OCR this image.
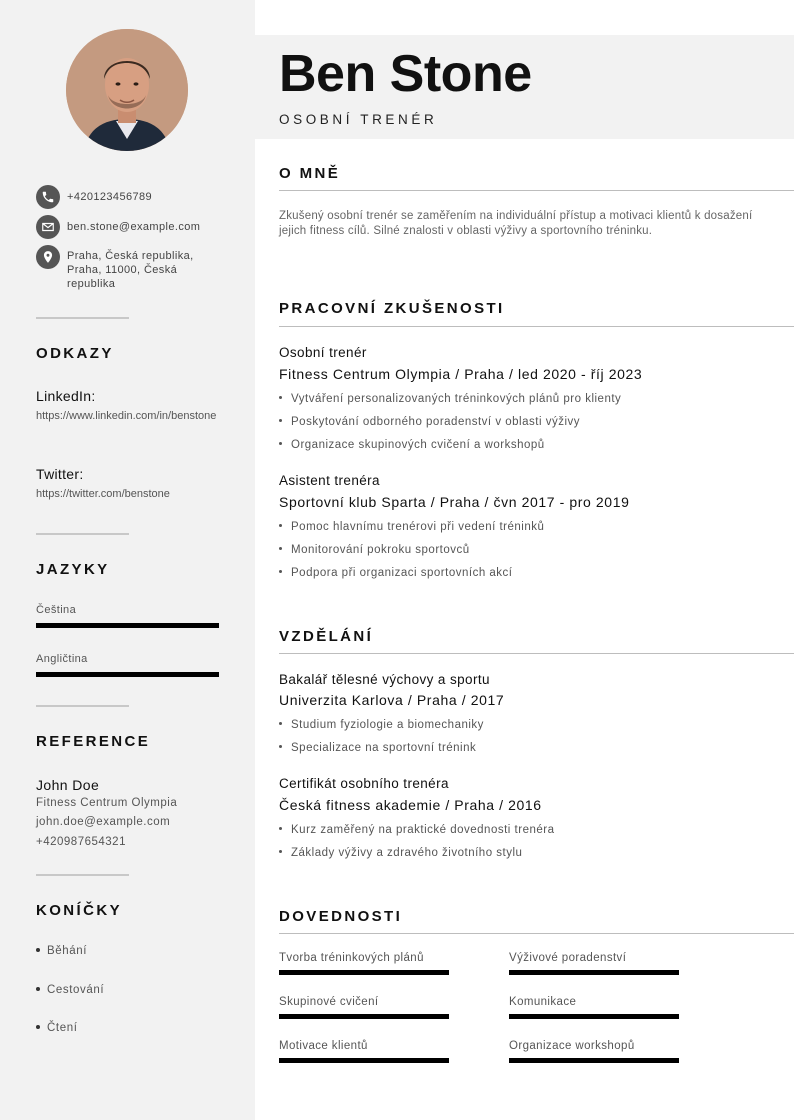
+420123456789
ben.stone@example.com
Praha, Česká republika, Praha, 11000, Česká republika
ODKAZY
LinkedIn:
https://www.linkedin.com/in/benstone
Twitter:
https://twitter.com/benstone
JAZYKY
Čeština
Angličtina
REFERENCE
John Doe
Fitness Centrum Olympia
john.doe@example.com
+420987654321
KONÍČKY
Běhání
Cestování
Čtení
Ben Stone
OSOBNÍ TRENÉR
O MNĚ
Zkušený osobní trenér se zaměřením na individuální přístup a motivaci klientů k dosažení jejich fitness cílů. Silné znalosti v oblasti výživy a sportovního tréninku.
PRACOVNÍ ZKUŠENOSTI
Osobní trenér
Fitness Centrum Olympia / Praha / led 2020 - říj 2023
Vytváření personalizovaných tréninkových plánů pro klienty
Poskytování odborného poradenství v oblasti výživy
Organizace skupinových cvičení a workshopů
Asistent trenéra
Sportovní klub Sparta / Praha / čvn 2017 - pro 2019
Pomoc hlavnímu trenérovi při vedení tréninků
Monitorování pokroku sportovců
Podpora při organizaci sportovních akcí
VZDĚLÁNÍ
Bakalář tělesné výchovy a sportu
Univerzita Karlova / Praha / 2017
Studium fyziologie a biomechaniky
Specializace na sportovní trénink
Certifikát osobního trenéra
Česká fitness akademie / Praha / 2016
Kurz zaměřený na praktické dovednosti trenéra
Základy výživy a zdravého životního stylu
DOVEDNOSTI
Tvorba tréninkových plánů	Výživové poradenství
Skupinové cvičení	Komunikace
Motivace klientů	Organizace workshopů
